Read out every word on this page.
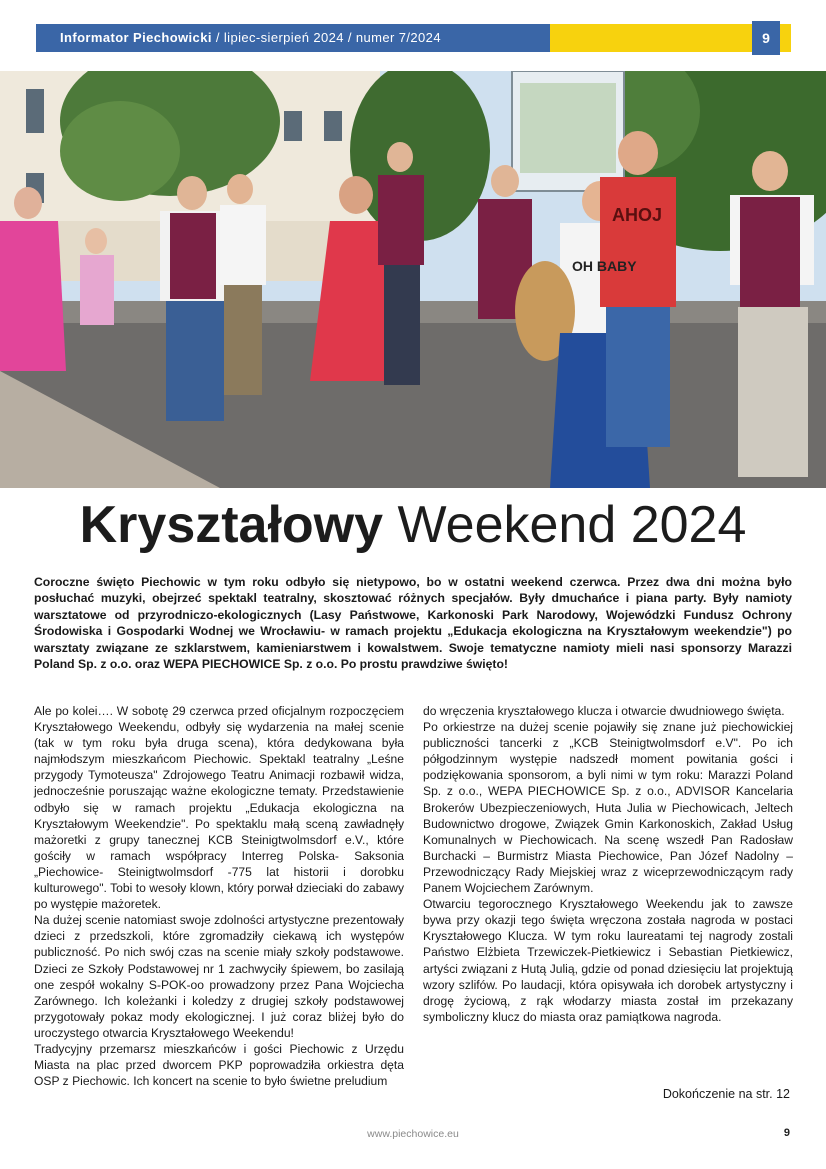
Informator Piechowicki / lipiec-sierpień 2024 / numer 7/2024	9
AHOJ
OH BABY
Kryształowy Weekend 2024

Coroczne święto Piechowic w tym roku odbyło się nietypowo, bo w ostatni weekend czerwca. Przez dwa dni można było posłuchać muzyki, obejrzeć spektakl teatralny, skosztować różnych specjałów. Były dmuchańce i piana party. Były namioty warsztatowe od przyrodniczo-ekologicznych (Lasy Państwowe, Karkonoski Park Narodowy, Wojewódzki Fundusz Ochrony Środowiska i Gospodarki Wodnej we Wrocławiu- w ramach projektu „Edukacja ekologiczna na Kryształowym weekendzie") po warsztaty związane ze szklarstwem, kamieniarstwem i kowalstwem. Swoje tematyczne namioty mieli nasi sponsorzy Marazzi Poland Sp. z o.o. oraz WEPA PIECHOWICE Sp. z o.o. Po prostu prawdziwe święto!

Ale po kolei…. W sobotę 29 czerwca przed oficjalnym rozpoczęciem Kryształowego Weekendu, odbyły się wydarzenia na małej scenie (tak w tym roku była druga scena), która dedykowana była najmłodszym mieszkańcom Piechowic. Spektakl teatralny „Leśne przygody Tymoteusza" Zdrojowego Teatru Animacji rozbawił widza, jednocześnie poruszając ważne ekologiczne tematy. Przedstawienie odbyło się w ramach projektu „Edukacja ekologiczna na Kryształowym Weekendzie". Po spektaklu małą sceną zawładnęły mażoretki z grupy tanecznej KCB Steinigtwolmsdorf e.V., które gościły w ramach współpracy Interreg Polska- Saksonia „Piechowice- Steinigtwolmsdorf -775 lat historii i dorobku kulturowego". Tobi to wesoły klown, który porwał dzieciaki do zabawy po występie mażoretek.

Na dużej scenie natomiast swoje zdolności artystyczne prezentowały dzieci z przedszkoli, które zgromadziły ciekawą ich występów publiczność. Po nich swój czas na scenie miały szkoły podstawowe. Dzieci ze Szkoły Podstawowej nr 1 zachwyciły śpiewem, bo zasilają one zespół wokalny S-POK-oo prowadzony przez Pana Wojciecha Zarównego. Ich koleżanki i koledzy z drugiej szkoły podstawowej przygotowały pokaz mody ekologicznej. I już coraz bliżej było do uroczystego otwarcia Kryształowego Weekendu!

Tradycyjny przemarsz mieszkańców i gości Piechowic z Urzędu Miasta na plac przed dworcem PKP poprowadziła orkiestra dęta OSP z Piechowic. Ich koncert na scenie to było świetne preludium

do wręczenia kryształowego klucza i otwarcie dwudniowego święta.

Po orkiestrze na dużej scenie pojawiły się znane już piechowickiej publiczności tancerki z „KCB Steinigtwolmsdorf e.V". Po ich półgodzinnym występie nadszedł moment powitania gości i podziękowania sponsorom, a byli nimi w tym roku: Marazzi Poland Sp. z o.o., WEPA PIECHOWICE Sp. z o.o., ADVISOR Kancelaria Brokerów Ubezpieczeniowych, Huta Julia w Piechowicach, Jeltech Budownictwo drogowe, Związek Gmin Karkonoskich, Zakład Usług Komunalnych w Piechowicach. Na scenę wszedł Pan Radosław Burchacki – Burmistrz Miasta Piechowice, Pan Józef Nadolny – Przewodniczący Rady Miejskiej wraz z wiceprzewodniczącym rady Panem Wojciechem Zarównym.

Otwarciu tegorocznego Kryształowego Weekendu jak to zawsze bywa przy okazji tego święta wręczona została nagroda w postaci Kryształowego Klucza. W tym roku laureatami tej nagrody zostali Państwo Elżbieta Trzewiczek-Pietkiewicz i Sebastian Pietkiewicz, artyści związani z Hutą Julią, gdzie od ponad dziesięciu lat projektują wzory szlifów. Po laudacji, która opisywała ich dorobek artystyczny i drogę życiową, z rąk włodarzy miasta został im przekazany symboliczny klucz do miasta oraz pamiątkowa nagroda.

Dokończenie na str. 12
www.piechowice.eu	9
